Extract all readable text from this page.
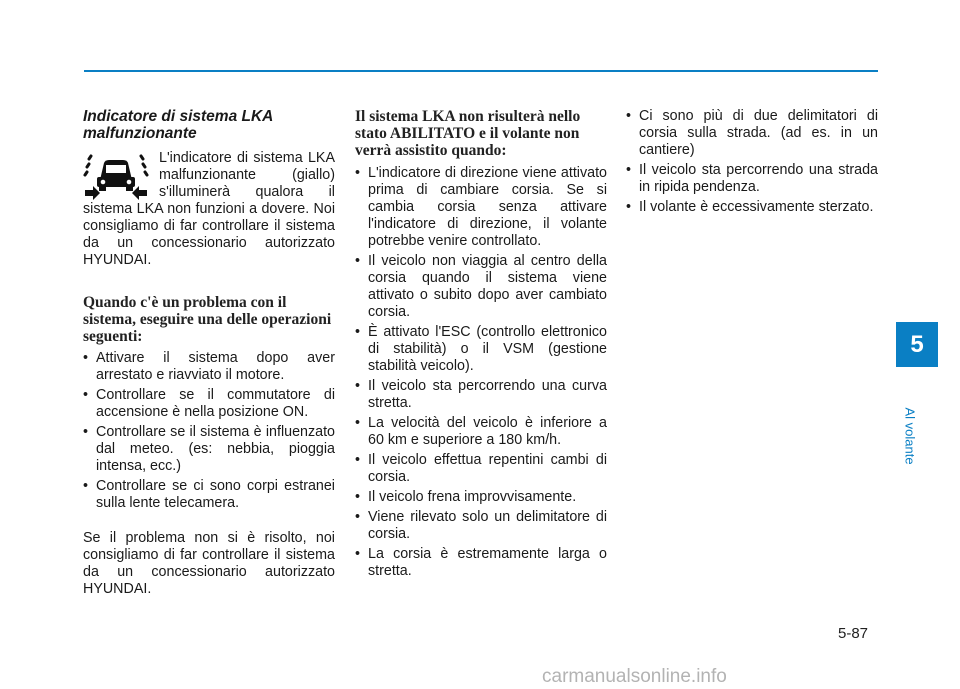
Indicatore di sistema LKA malfunzionante

L'indicatore di sistema LKA malfunzionante (giallo) s'illuminerà qualora il sistema LKA non funzioni a dovere. Noi consigliamo di far controllare il sistema da un concessionario autorizzato HYUNDAI.

Quando c'è un problema con il sistema, eseguire una delle operazioni seguenti:
• Attivare il sistema dopo aver arrestato e riavviato il motore.
• Controllare se il commutatore di accensione è nella posizione ON.
• Controllare se il sistema è influenzato dal meteo. (es: nebbia, pioggia intensa, ecc.)
• Controllare se ci sono corpi estranei sulla lente telecamera.

Se il problema non si è risolto, noi consigliamo di far controllare il sistema da un concessionario autorizzato HYUNDAI.

Il sistema LKA non risulterà nello stato ABILITATO e il volante non verrà assistito quando:
• L'indicatore di direzione viene attivato prima di cambiare corsia. Se si cambia corsia senza attivare l'indicatore di direzione, il volante potrebbe venire controllato.
• Il veicolo non viaggia al centro della corsia quando il sistema viene attivato o subito dopo aver cambiato corsia.
• È attivato l'ESC (controllo elettronico di stabilità) o il VSM (gestione stabilità veicolo).
• Il veicolo sta percorrendo una curva stretta.
• La velocità del veicolo è inferiore a 60 km e superiore a 180 km/h.
• Il veicolo effettua repentini cambi di corsia.
• Il veicolo frena improvvisamente.
• Viene rilevato solo un delimitatore di corsia.
• La corsia è estremamente larga o stretta.
• Ci sono più di due delimitatori di corsia sulla strada. (ad es. in un cantiere)
• Il veicolo sta percorrendo una strada in ripida pendenza.
• Il volante è eccessivamente sterzato.
5
Al volante
5-87
carmanualsonline.info
